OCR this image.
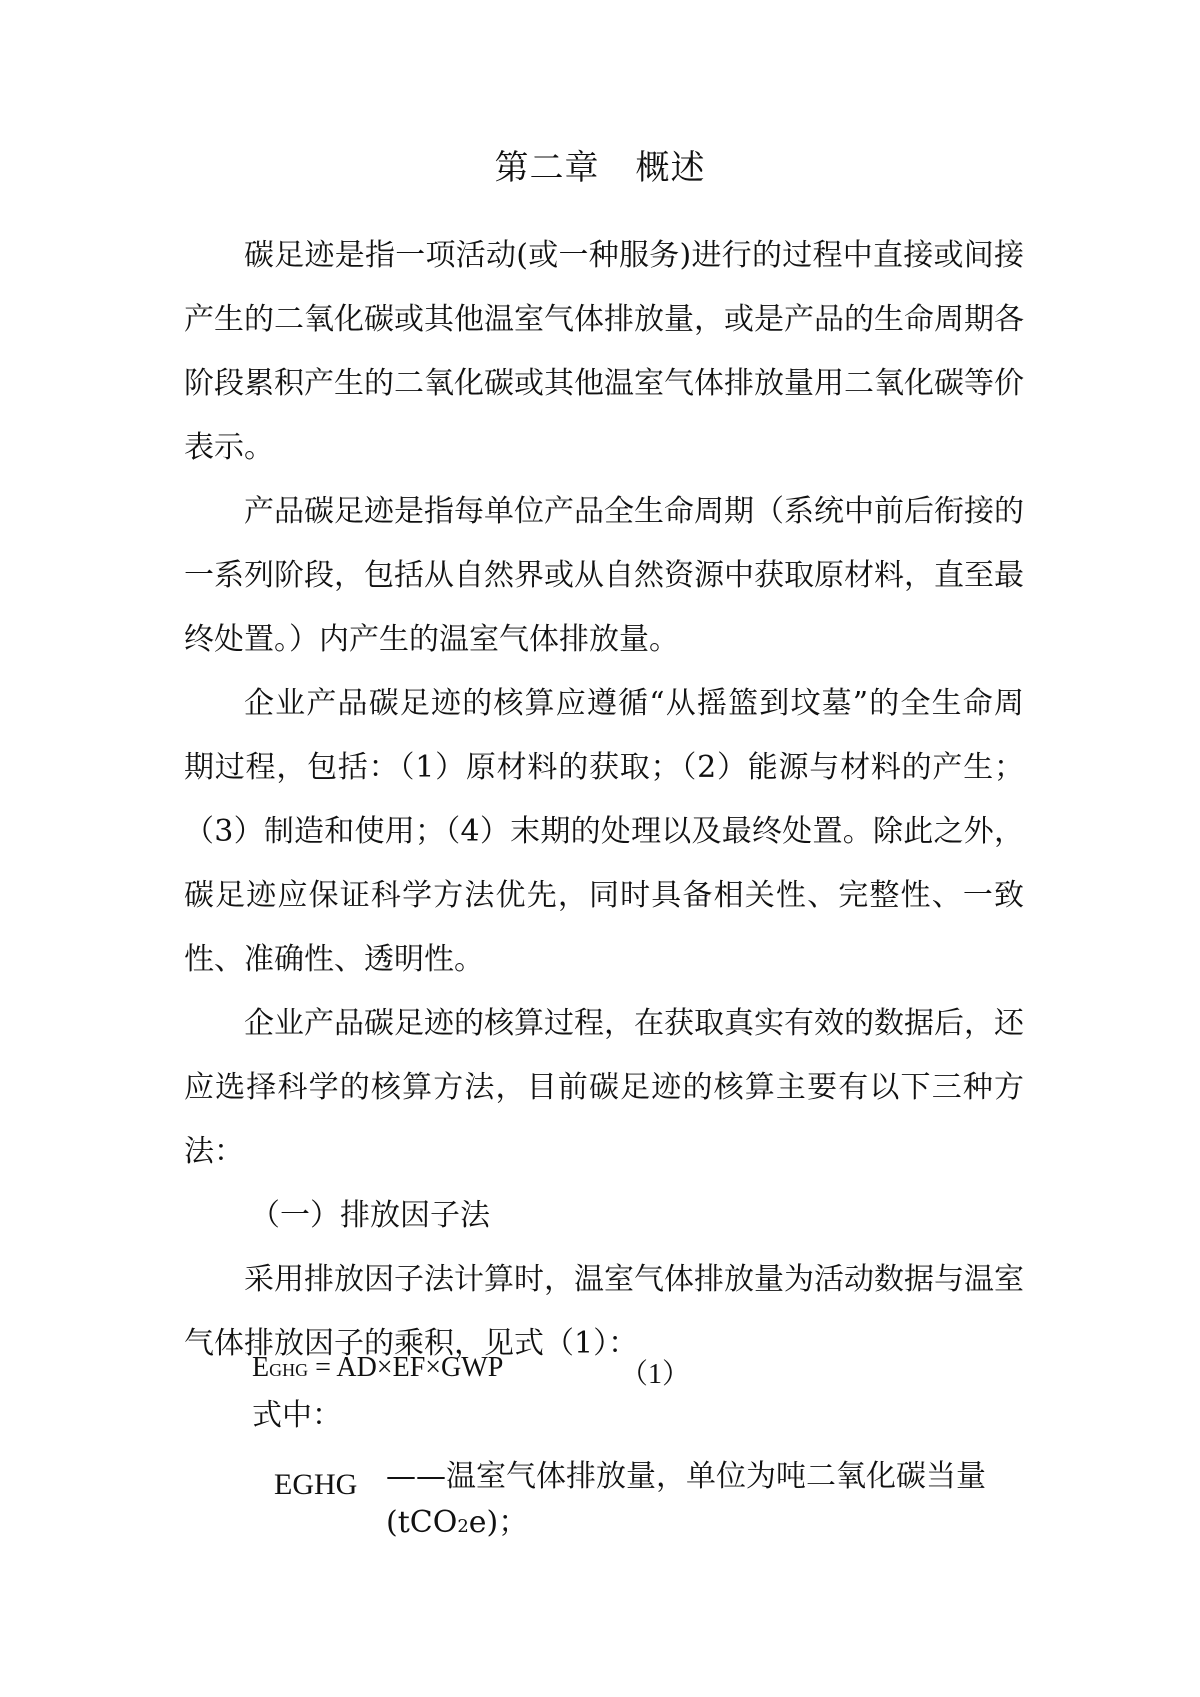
第二章 概述

碳足迹是指一项活动(或一种服务)进行的过程中直接或间接产生的二氧化碳或其他温室气体排放量，或是产品的生命周期各阶段累积产生的二氧化碳或其他温室气体排放量用二氧化碳等价表示。

产品碳足迹是指每单位产品全生命周期（系统中前后衔接的一系列阶段，包括从自然界或从自然资源中获取原材料，直至最终处置。）内产生的温室气体排放量。

企业产品碳足迹的核算应遵循“从摇篮到坟墓”的全生命周期过程，包括：（1）原材料的获取；（2）能源与材料的产生；（3）制造和使用；（4）末期的处理以及最终处置。除此之外，碳足迹应保证科学方法优先，同时具备相关性、完整性、一致性、准确性、透明性。

企业产品碳足迹的核算过程，在获取真实有效的数据后，还应选择科学的核算方法，目前碳足迹的核算主要有以下三种方法：

（一）排放因子法

采用排放因子法计算时，温室气体排放量为活动数据与温室气体排放因子的乘积，见式（1）：

EGHG = AD×EF×GWP	（1）
式中：
EGHG ——温室气体排放量，单位为吨二氧化碳当量(tCO2e)；
